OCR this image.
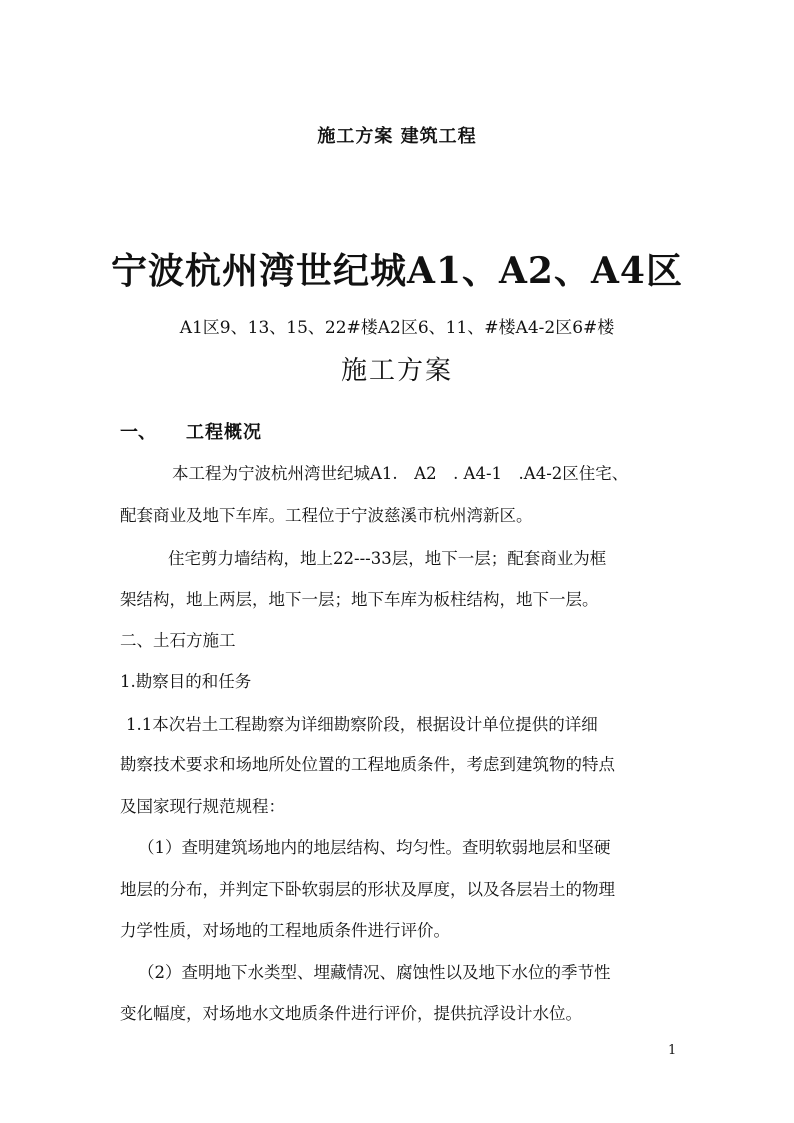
施工方案 建筑工程
宁波杭州湾世纪城A1、A2、A4区
A1区9、13、15、22#楼A2区6、11、#楼A4-2区6#楼
施工方案
一、 工程概况
本工程为宁波杭州湾世纪城A1.　A2　. A4-1　.A4-2区住宅、
配套商业及地下车库。工程位于宁波慈溪市杭州湾新区。
住宅剪力墙结构，地上22---33层，地下一层；配套商业为框
架结构，地上两层，地下一层；地下车库为板柱结构，地下一层。
二、土石方施工
1.勘察目的和任务
1.1本次岩土工程勘察为详细勘察阶段，根据设计单位提供的详细
勘察技术要求和场地所处位置的工程地质条件，考虑到建筑物的特点
及国家现行规范规程：
（1）查明建筑场地内的地层结构、均匀性。查明软弱地层和坚硬
地层的分布，并判定下卧软弱层的形状及厚度，以及各层岩土的物理
力学性质，对场地的工程地质条件进行评价。
（2）查明地下水类型、埋藏情况、腐蚀性以及地下水位的季节性
变化幅度，对场地水文地质条件进行评价，提供抗浮设计水位。
1
